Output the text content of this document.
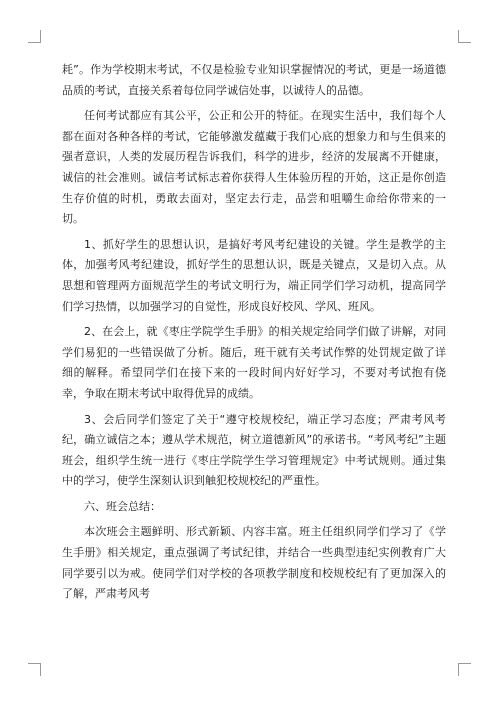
耗”。作为学校期末考试，不仅是检验专业知识掌握情况的考试，更是一场道德品质的考试，直接关系着每位同学诚信处事，以诚待人的品德。

任何考试都应有其公平，公正和公开的特征。在现实生活中，我们每个人都在面对各种各样的考试，它能够激发蕴藏于我们心底的想象力和与生俱来的强者意识，人类的发展历程告诉我们，科学的进步，经济的发展离不开健康，诚信的社会准则。诚信考试标志着你获得人生体验历程的开始，这正是你创造生存价值的时机，勇敢去面对，坚定去行走，品尝和咀嚼生命给你带来的一切。

1、抓好学生的思想认识，是搞好考风考纪建设的关键。学生是教学的主体，加强考风考纪建设，抓好学生的思想认识，既是关键点，又是切入点。从思想和管理两方面规范学生的考试文明行为，端正同学们学习动机，提高同学们学习热情，以加强学习的自觉性，形成良好校风、学风、班风。

2、在会上，就《枣庄学院学生手册》的相关规定给同学们做了讲解，对同学们易犯的一些错误做了分析。随后，班干就有关考试作弊的处罚规定做了详细的解释。希望同学们在接下来的一段时间内好好学习，不要对考试抱有侥幸，争取在期末考试中取得优异的成绩。

3、会后同学们签定了关于“遵守校规校纪，端正学习态度；严肃考风考纪，确立诚信之本；遵从学术规范，树立道德新风”的承诺书。“考风考纪”主题班会，组织学生统一进行《枣庄学院学生学习管理规定》中考试规则。通过集中的学习，使学生深刻认识到触犯校规校纪的严重性。

六、班会总结：

本次班会主题鲜明、形式新颖、内容丰富。班主任组织同学们学习了《学生手册》相关规定，重点强调了考试纪律，并结合一些典型违纪实例教育广大同学要引以为戒。使同学们对学校的各项教学制度和校规校纪有了更加深入的了解，严肃考风考
